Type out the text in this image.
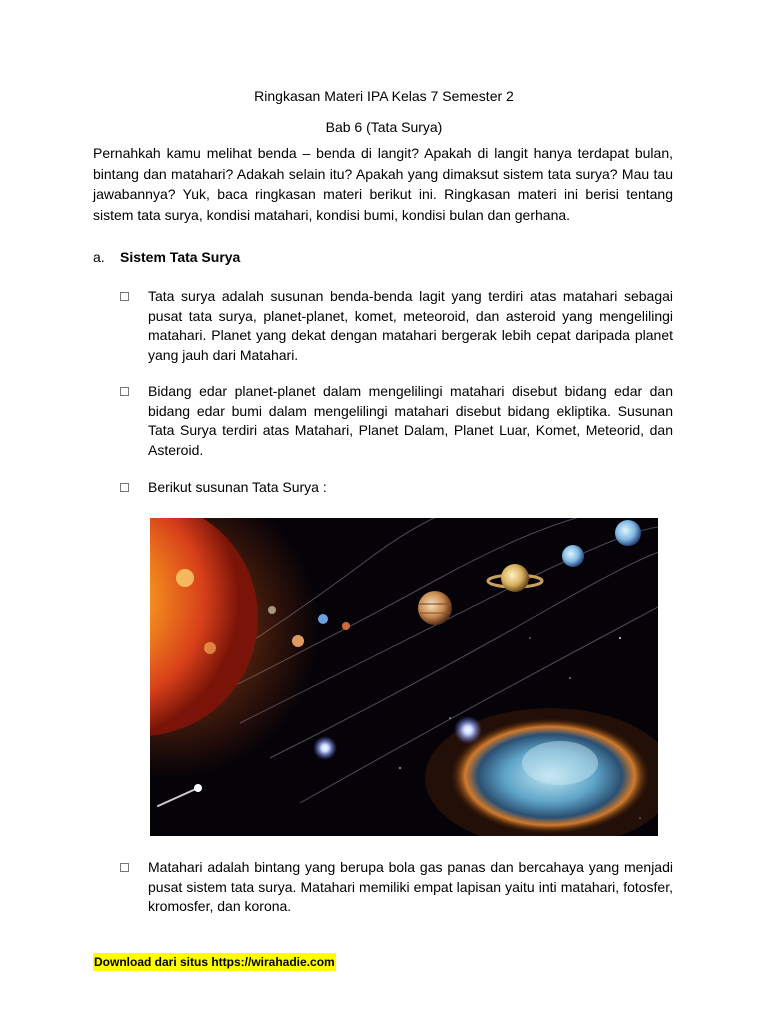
Ringkasan Materi IPA Kelas 7 Semester 2
Bab 6 (Tata Surya)
Pernahkah kamu melihat benda – benda di langit? Apakah di langit hanya terdapat bulan, bintang dan matahari? Adakah selain itu? Apakah yang dimaksut sistem tata surya? Mau tau jawabannya? Yuk, baca ringkasan materi berikut ini. Ringkasan materi ini berisi tentang sistem tata surya, kondisi matahari, kondisi bumi, kondisi bulan dan gerhana.
a. Sistem Tata Surya
Tata surya adalah susunan benda-benda lagit yang terdiri atas matahari sebagai pusat tata surya, planet-planet, komet, meteoroid, dan asteroid yang mengelilingi matahari. Planet yang dekat dengan matahari bergerak lebih cepat daripada planet yang jauh dari Matahari.
Bidang edar planet-planet dalam mengelilingi matahari disebut bidang edar dan bidang edar bumi dalam mengelilingi matahari disebut bidang ekliptika. Susunan Tata Surya terdiri atas Matahari, Planet Dalam, Planet Luar, Komet, Meteorid, dan Asteroid.
Berikut susunan Tata Surya :
Matahari adalah bintang yang berupa bola gas panas dan bercahaya yang menjadi pusat sistem tata surya. Matahari memiliki empat lapisan yaitu inti matahari, fotosfer, kromosfer, dan korona.
Download dari situs https://wirahadie.com
